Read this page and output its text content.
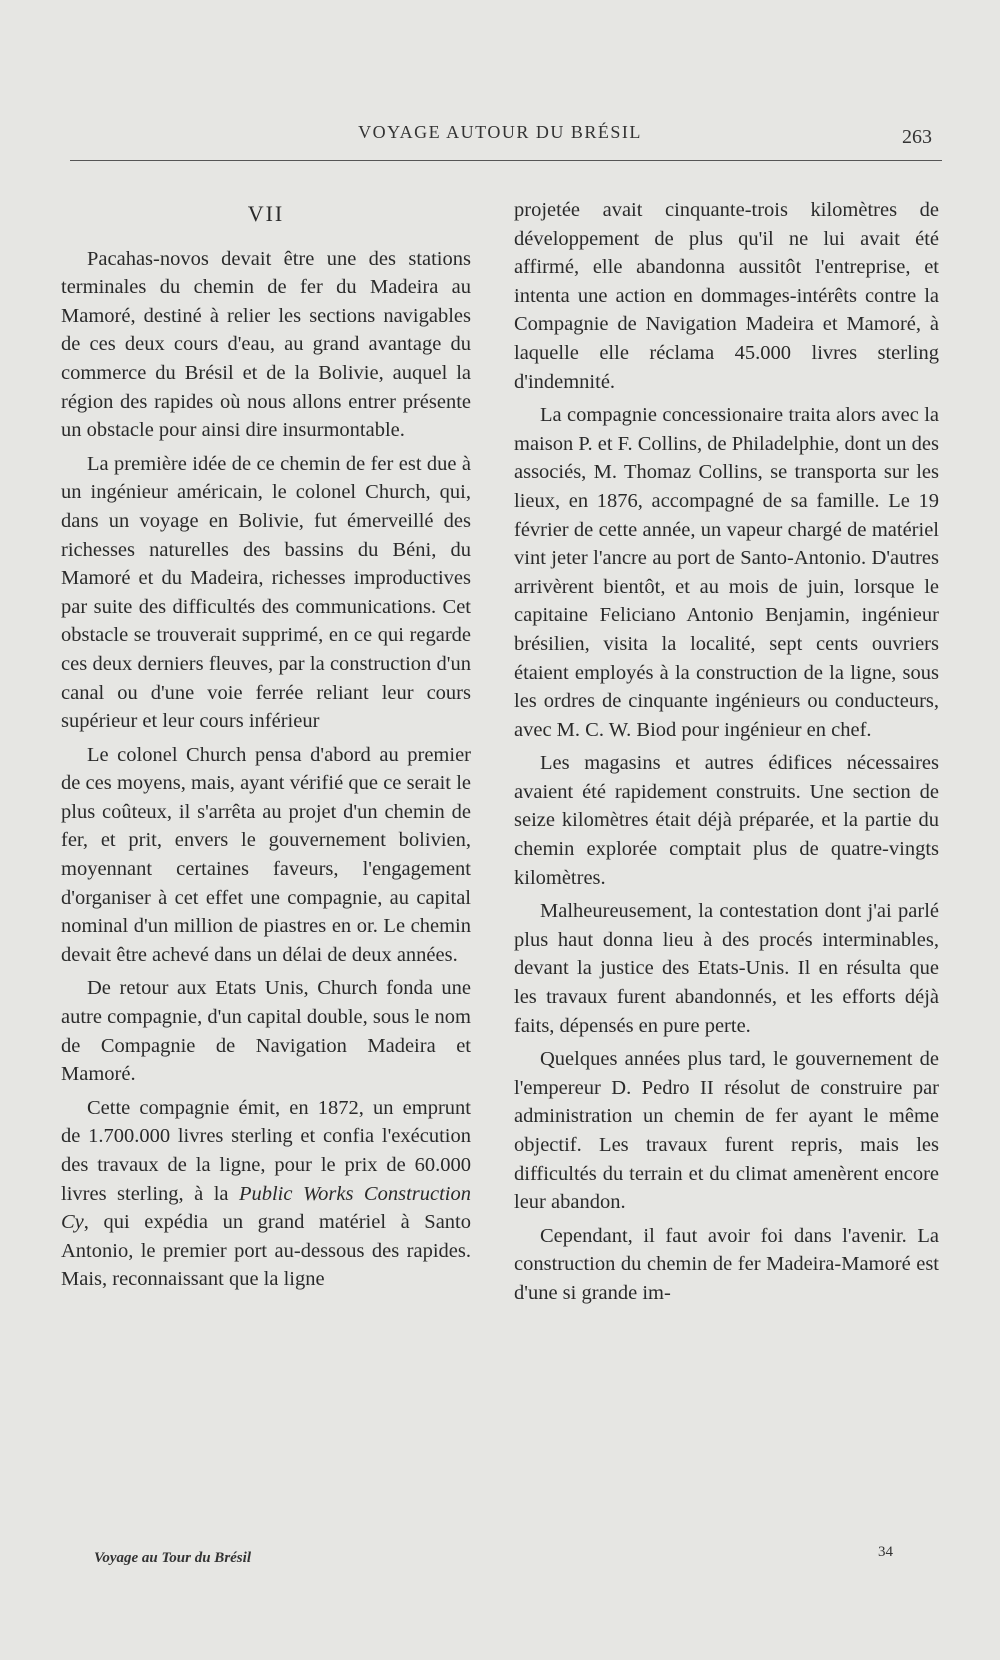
VOYAGE AUTOUR DU BRÉSIL	263
VII

Pacahas-novos devait être une des stations terminales du chemin de fer du Madeira au Mamoré, destiné à relier les sections navigables de ces deux cours d'eau, au grand avantage du commerce du Brésil et de la Bolivie, auquel la région des rapides où nous allons entrer présente un obstacle pour ainsi dire insurmontable.

La première idée de ce chemin de fer est due à un ingénieur américain, le colonel Church, qui, dans un voyage en Bolivie, fut émerveillé des richesses naturelles des bassins du Béni, du Mamoré et du Madeira, richesses improductives par suite des difficultés des communications. Cet obstacle se trouverait supprimé, en ce qui regarde ces deux derniers fleuves, par la construction d'un canal ou d'une voie ferrée reliant leur cours supérieur et leur cours inférieur

Le colonel Church pensa d'abord au premier de ces moyens, mais, ayant vérifié que ce serait le plus coûteux, il s'arrêta au projet d'un chemin de fer, et prit, envers le gouvernement bolivien, moyennant certaines faveurs, l'engagement d'organiser à cet effet une compagnie, au capital nominal d'un million de piastres en or. Le chemin devait être achevé dans un délai de deux années.

De retour aux Etats Unis, Church fonda une autre compagnie, d'un capital double, sous le nom de Compagnie de Navigation Madeira et Mamoré.

Cette compagnie émit, en 1872, un emprunt de 1.700.000 livres sterling et confia l'exécution des travaux de la ligne, pour le prix de 60.000 livres sterling, à la Public Works Construction Cy, qui expédia un grand matériel à Santo Antonio, le premier port au-dessous des rapides. Mais, reconnaissant que la ligne

projetée avait cinquante-trois kilomètres de développement de plus qu'il ne lui avait été affirmé, elle abandonna aussitôt l'entreprise, et intenta une action en dommages-intérêts contre la Compagnie de Navigation Madeira et Mamoré, à laquelle elle réclama 45.000 livres sterling d'indemnité.

La compagnie concessionaire traita alors avec la maison P. et F. Collins, de Philadelphie, dont un des associés, M. Thomaz Collins, se transporta sur les lieux, en 1876, accompagné de sa famille. Le 19 février de cette année, un vapeur chargé de matériel vint jeter l'ancre au port de Santo-Antonio. D'autres arrivèrent bientôt, et au mois de juin, lorsque le capitaine Feliciano Antonio Benjamin, ingénieur brésilien, visita la localité, sept cents ouvriers étaient employés à la construction de la ligne, sous les ordres de cinquante ingénieurs ou conducteurs, avec M. C. W. Biod pour ingénieur en chef.

Les magasins et autres édifices nécessaires avaient été rapidement construits. Une section de seize kilomètres était déjà préparée, et la partie du chemin explorée comptait plus de quatre-vingts kilomètres.

Malheureusement, la contestation dont j'ai parlé plus haut donna lieu à des procés interminables, devant la justice des Etats-Unis. Il en résulta que les travaux furent abandonnés, et les efforts déjà faits, dépensés en pure perte.

Quelques années plus tard, le gouvernement de l'empereur D. Pedro II résolut de construire par administration un chemin de fer ayant le même objectif. Les travaux furent repris, mais les difficultés du terrain et du climat amenèrent encore leur abandon.

Cependant, il faut avoir foi dans l'avenir. La construction du chemin de fer Madeira-Mamoré est d'une si grande im-

Voyage au Tour du Brésil	34
